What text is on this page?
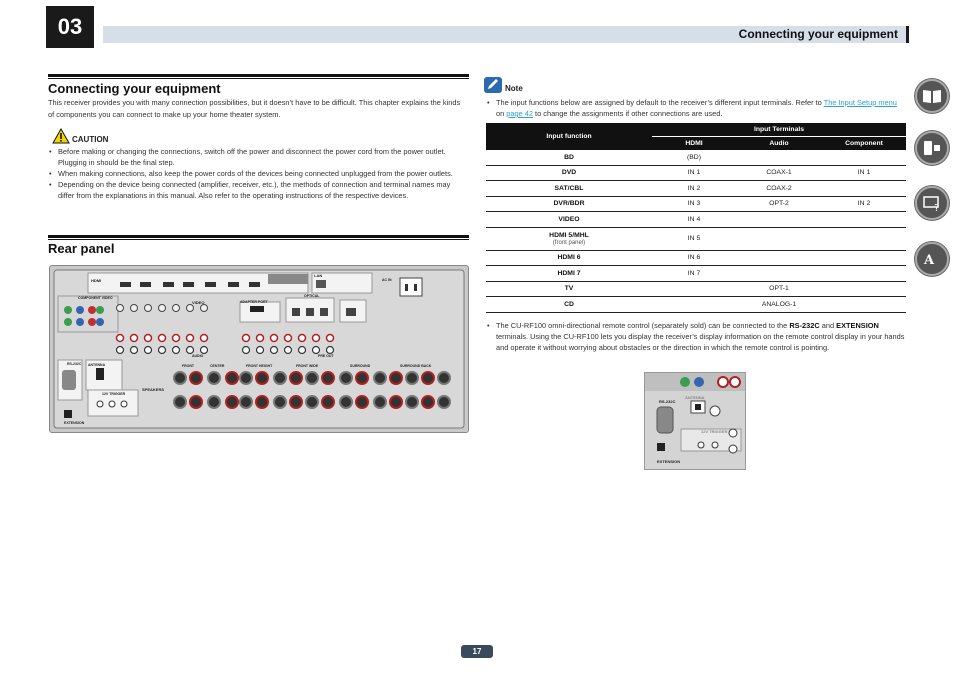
03	Connecting your equipment
Connecting your equipment
This receiver provides you with many connection possibilities, but it doesn’t have to be difficult. This chapter explains the kinds of components you can connect to make up your home theater system.
CAUTION
• Before making or changing the connections, switch off the power and disconnect the power cord from the power outlet. Plugging in should be the final step.
• When making connections, also keep the power cords of the devices being connected unplugged from the power outlets.
• Depending on the device being connected (amplifier, receiver, etc.), the methods of connection and terminal names may differ from the explanations in this manual. Also refer to the operating instructions of the respective devices.
Rear panel
HDMI
COMPONENT VIDEO
VIDEO
LAN
AC IN
ADAPTER PORT
OPTICAL
AUDIO	PRE OUT
RS-232C ANTENNA
12V TRIGGER
SPEAKERS
EXTENSION
FRONT	CENTER	FRONT HEIGHT	FRONT WIDE	SURROUND	SURROUND BACK
Note
• The input functions below are assigned by default to the receiver’s different input terminals. Refer to The Input Setup menu on page 42 to change the assignments if other connections are used.
Input function	Input Terminals		
	HDMI	Audio	Component
BD	(BD)		
DVD	IN 1	COAX-1	IN 1
SAT/CBL	IN 2	COAX-2	
DVR/BDR	IN 3	OPT-2	IN 2
VIDEO	IN 4		
HDMI 5/MHL
(front panel)	IN 5		
HDMI 6	IN 6		
HDMI 7	IN 7		
TV		OPT-1	
CD		ANALOG-1	
• The CU-RF100 omni-directional remote control (separately sold) can be connected to the RS-232C and EXTENSION terminals. Using the CU-RF100 lets you display the receiver’s display information on the remote control display in your hands and operate it without worrying about obstacles or the direction in which the remote control is pointing.
RS-232C
ANTENNA
12V TRIGGER
EXTENSION
?
A
17
